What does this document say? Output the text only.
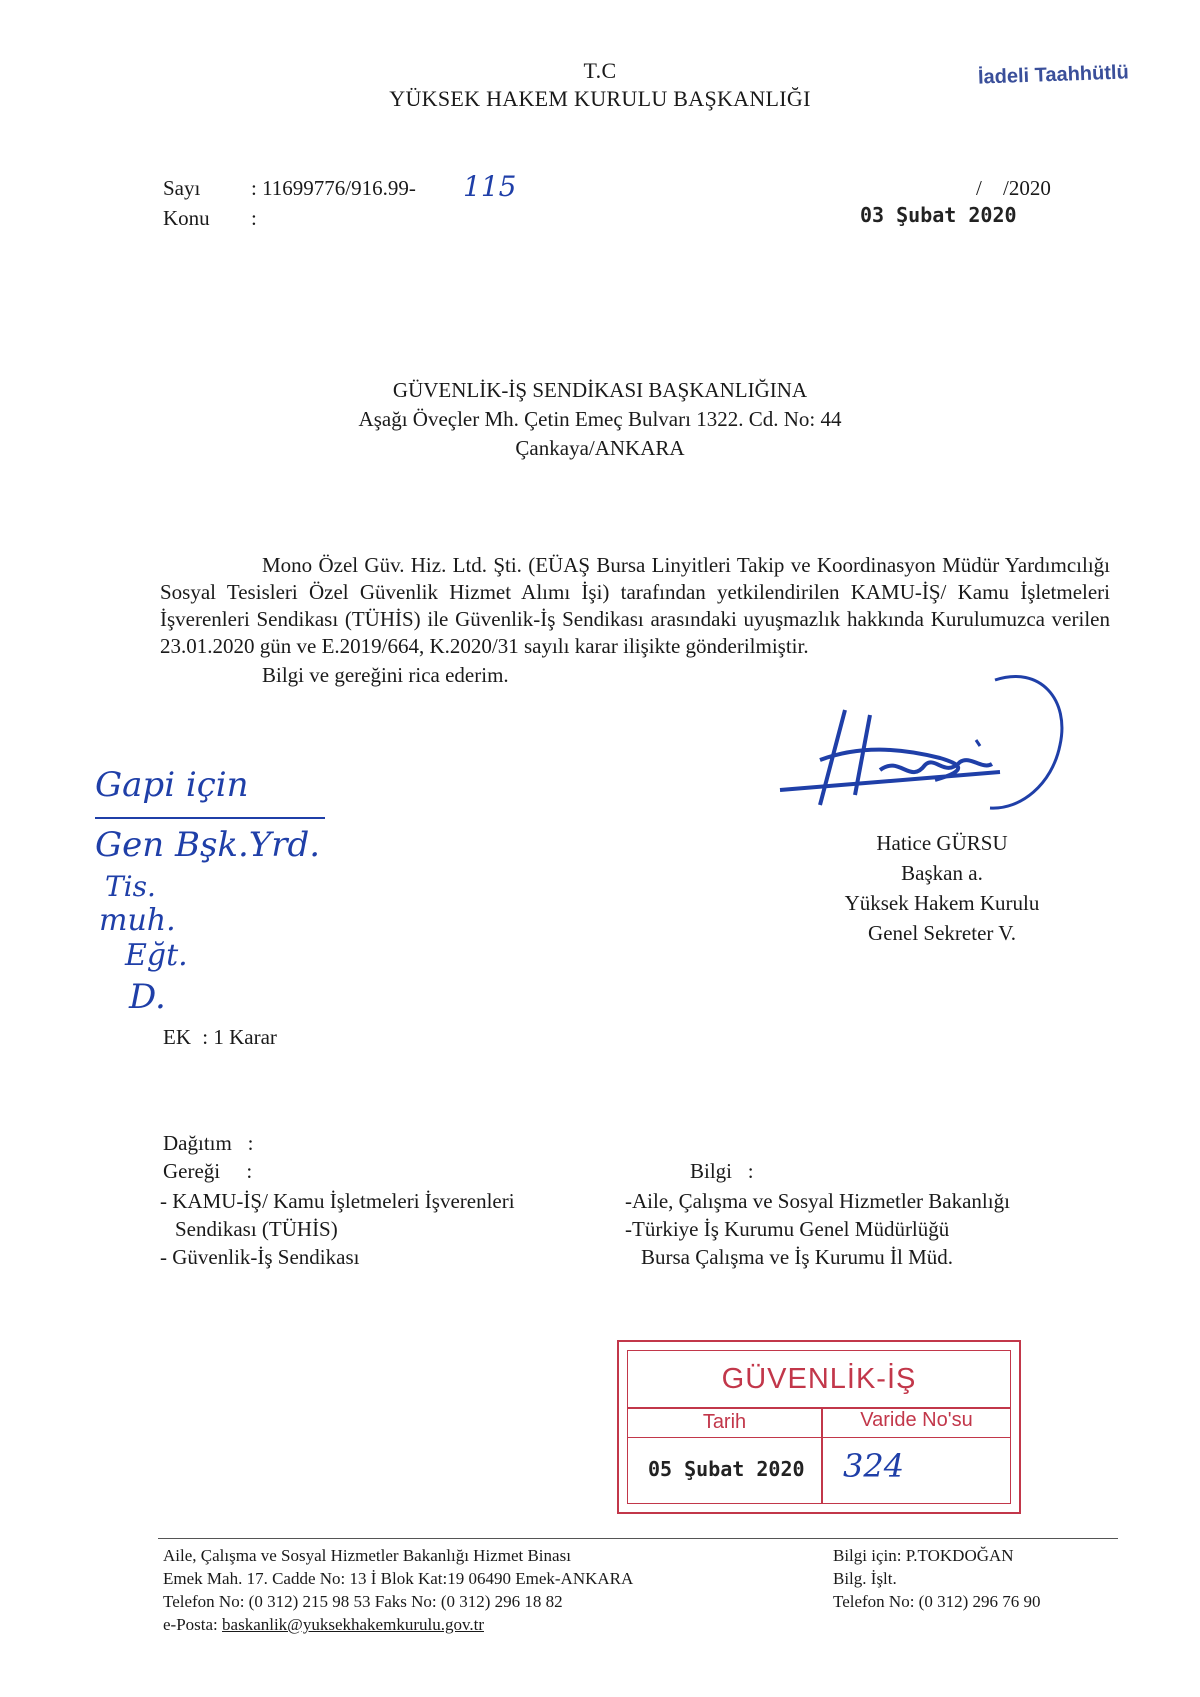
T.C
YÜKSEK HAKEM KURULU BAŞKANLIĞI
İadeli Taahhütlü
Sayı : 11699776/916.99- 115	/ /2020
Konu :	03 Şubat 2020
GÜVENLİK-İŞ SENDİKASI BAŞKANLIĞINA
Aşağı Öveçler Mh. Çetin Emeç Bulvarı 1322. Cd. No: 44
Çankaya/ANKARA

Mono Özel Güv. Hiz. Ltd. Şti. (EÜAŞ Bursa Linyitleri Takip ve Koordinasyon Müdür Yardımcılığı Sosyal Tesisleri Özel Güvenlik Hizmet Alımı İşi) tarafından yetkilendirilen KAMU-İŞ/ Kamu İşletmeleri İşverenleri Sendikası (TÜHİS) ile Güvenlik-İş Sendikası arasındaki uyuşmazlık hakkında Kurulumuzca verilen 23.01.2020 gün ve E.2019/664, K.2020/31 sayılı karar ilişikte gönderilmiştir.

Bilgi ve gereğini rica ederim.

Hatice GÜRSU
Başkan a.
Yüksek Hakem Kurulu
Genel Sekreter V.
Gapi için
Gen Bşk.Yrd.
Tis.
muh.
Eğt.
D.
EK : 1 Karar
Dağıtım   :
Gereği     :
- KAMU-İŞ/ Kamu İşletmeleri İşverenleri
Sendikası (TÜHİS)
- Güvenlik-İş Sendikası
Bilgi   :
-Aile, Çalışma ve Sosyal Hizmetler Bakanlığı
-Türkiye İş Kurumu Genel Müdürlüğü
Bursa Çalışma ve İş Kurumu İl Müd.
GÜVENLİK-İŞ
Tarih	Varide No'su
05 Şubat 2020 324
Aile, Çalışma ve Sosyal Hizmetler Bakanlığı Hizmet Binası
Emek Mah. 17. Cadde No: 13 İ Blok Kat:19 06490 Emek-ANKARA
Telefon No: (0 312) 215 98 53 Faks No: (0 312) 296 18 82
e-Posta: baskanlik@yuksekhakemkurulu.gov.tr
Bilgi için: P.TOKDOĞAN
Bilg. İşlt.
Telefon No: (0 312) 296 76 90
